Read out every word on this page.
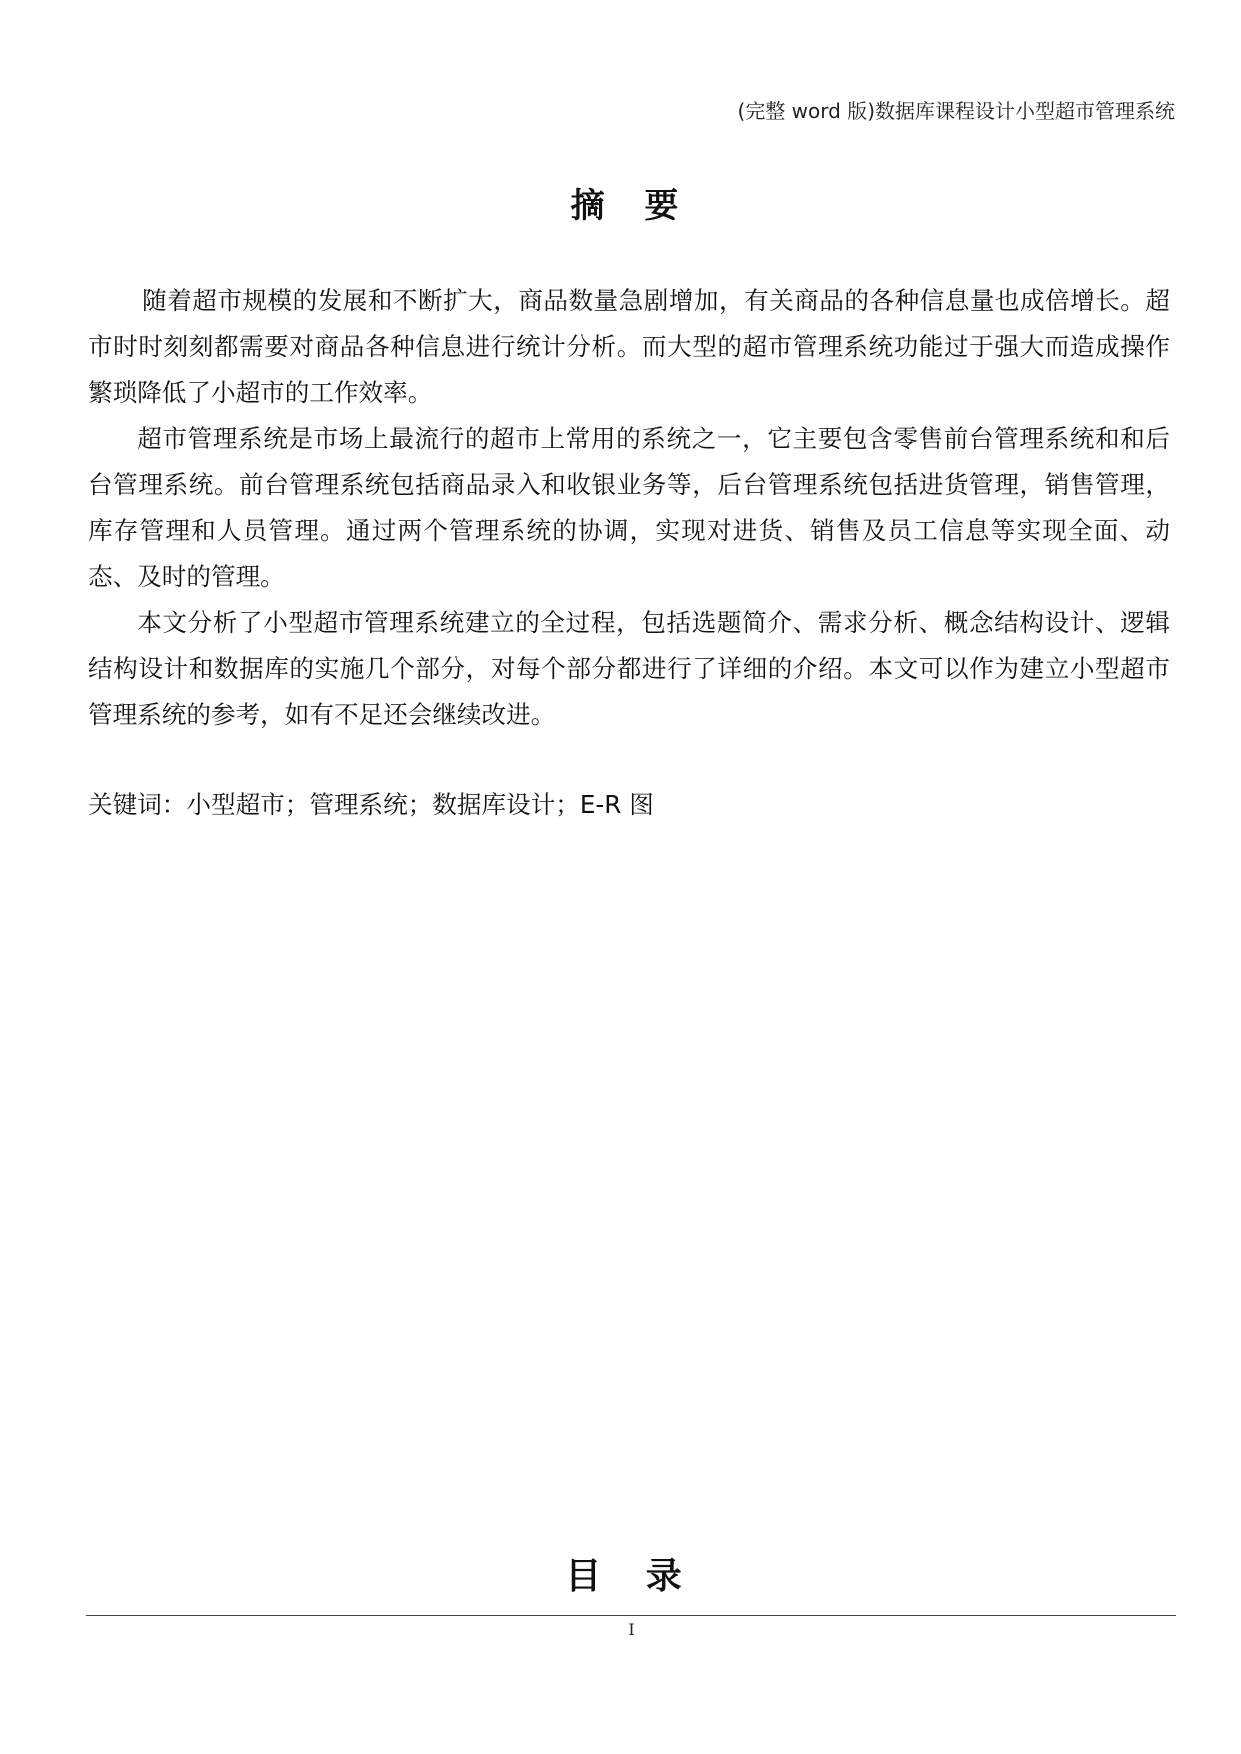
(完整 word 版)数据库课程设计小型超市管理系统
摘 要

随着超市规模的发展和不断扩大，商品数量急剧增加，有关商品的各种信息量也成倍增长。超市时时刻刻都需要对商品各种信息进行统计分析。而大型的超市管理系统功能过于强大而造成操作繁琐降低了小超市的工作效率。

超市管理系统是市场上最流行的超市上常用的系统之一，它主要包含零售前台管理系统和和后台管理系统。前台管理系统包括商品录入和收银业务等，后台管理系统包括进货管理，销售管理，库存管理和人员管理。通过两个管理系统的协调，实现对进货、销售及员工信息等实现全面、动态、及时的管理。

本文分析了小型超市管理系统建立的全过程，包括选题简介、需求分析、概念结构设计、逻辑结构设计和数据库的实施几个部分，对每个部分都进行了详细的介绍。本文可以作为建立小型超市管理系统的参考，如有不足还会继续改进。

关键词：小型超市；管理系统；数据库设计；E-R 图
目 录
I
